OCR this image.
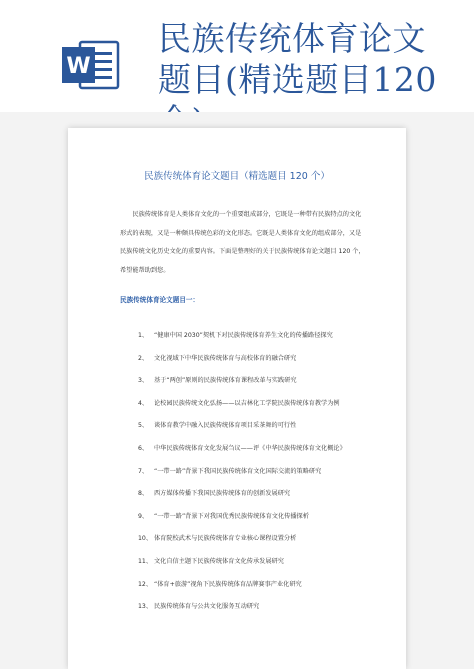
W
民族传统体育论文题目(精选题目120
民族传统体育论文题目（精选题目 120 个）

民族传统体育是人类体育文化的一个重要组成部分，它既是一种带有民族特点的文化形式的表现，又是一种颇具传统色彩的文化形态。它既是人类体育文化的组成部分，又是民族传统文化历史文化的重要内容。下面是整理好的关于民族传统体育论文题目 120 个，希望能帮助到您。

民族传统体育论文题目一：
1、 “健康中国 2030”契机下对民族传统体育养生文化的传播路径探究
2、 文化视域下中华民族传统体育与高校体育的融合研究
3、 基于“两创”原则的民族传统体育课程改革与实践研究
4、 论校园民族传统文化弘扬——以吉林化工学院民族传统体育教学为例
5、 谈体育教学中融入民族传统体育项目采茶舞的可行性
6、 中华民族传统体育文化发展刍议——评《中华民族传统体育文化概论》
7、 “一带一路”背景下我国民族传统体育文化国际交流的策略研究
8、 西方媒体传播下我国民族传统体育的创新发展研究
9、 “一带一路”背景下对我国优秀民族传统体育文化传播探析
10、 体育院校武术与民族传统体育专业核心课程设置分析
11、 文化自信主题下民族传统体育文化传承发展研究
12、 “体育+旅游”视角下民族传统体育品牌赛事产业化研究
13、 民族传统体育与公共文化服务互动研究
